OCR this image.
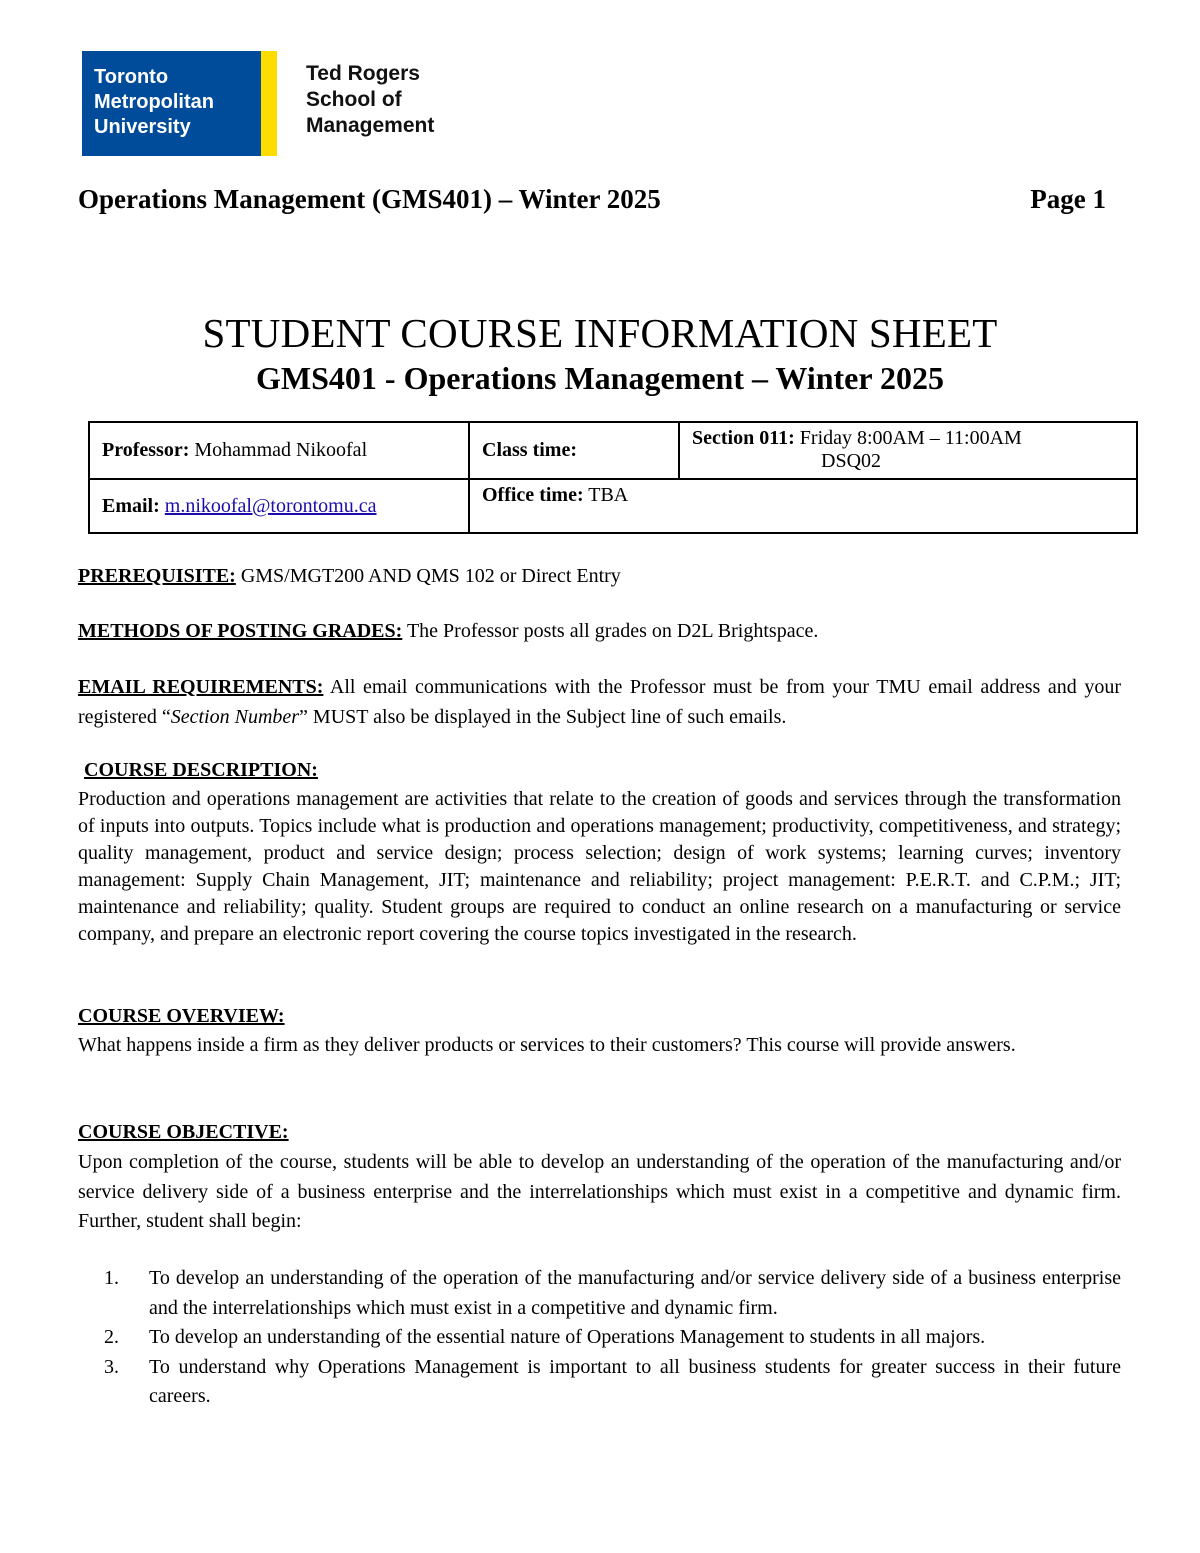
Toronto
Metropolitan
University
Ted Rogers
School of
Management
Operations Management (GMS401) – Winter 2025	Page 1
STUDENT COURSE INFORMATION SHEET
GMS401 - Operations Management – Winter 2025
Professor: Mohammad Nikoofal	Class time:	Section 011: Friday 8:00AM – 11:00AM
DSQ02
Email: m.nikoofal@torontomu.ca	Office time: TBA	
PREREQUISITE: GMS/MGT200 AND QMS 102 or Direct Entry
METHODS OF POSTING GRADES: The Professor posts all grades on D2L Brightspace.
EMAIL REQUIREMENTS: All email communications with the Professor must be from your TMU email address and your registered “Section Number” MUST also be displayed in the Subject line of such emails.
COURSE DESCRIPTION:
Production and operations management are activities that relate to the creation of goods and services through the transformation of inputs into outputs. Topics include what is production and operations management; productivity, competitiveness, and strategy; quality management, product and service design; process selection; design of work systems; learning curves; inventory management: Supply Chain Management, JIT; maintenance and reliability; project management: P.E.R.T. and C.P.M.; JIT; maintenance and reliability; quality. Student groups are required to conduct an online research on a manufacturing or service company, and prepare an electronic report covering the course topics investigated in the research.
COURSE OVERVIEW:
What happens inside a firm as they deliver products or services to their customers? This course will provide answers.
COURSE OBJECTIVE:
Upon completion of the course, students will be able to develop an understanding of the operation of the manufacturing and/or service delivery side of a business enterprise and the interrelationships which must exist in a competitive and dynamic firm. Further, student shall begin:
1. To develop an understanding of the operation of the manufacturing and/or service delivery side of a business enterprise and the interrelationships which must exist in a competitive and dynamic firm.
2. To develop an understanding of the essential nature of Operations Management to students in all majors.
3. To understand why Operations Management is important to all business students for greater success in their future careers.
